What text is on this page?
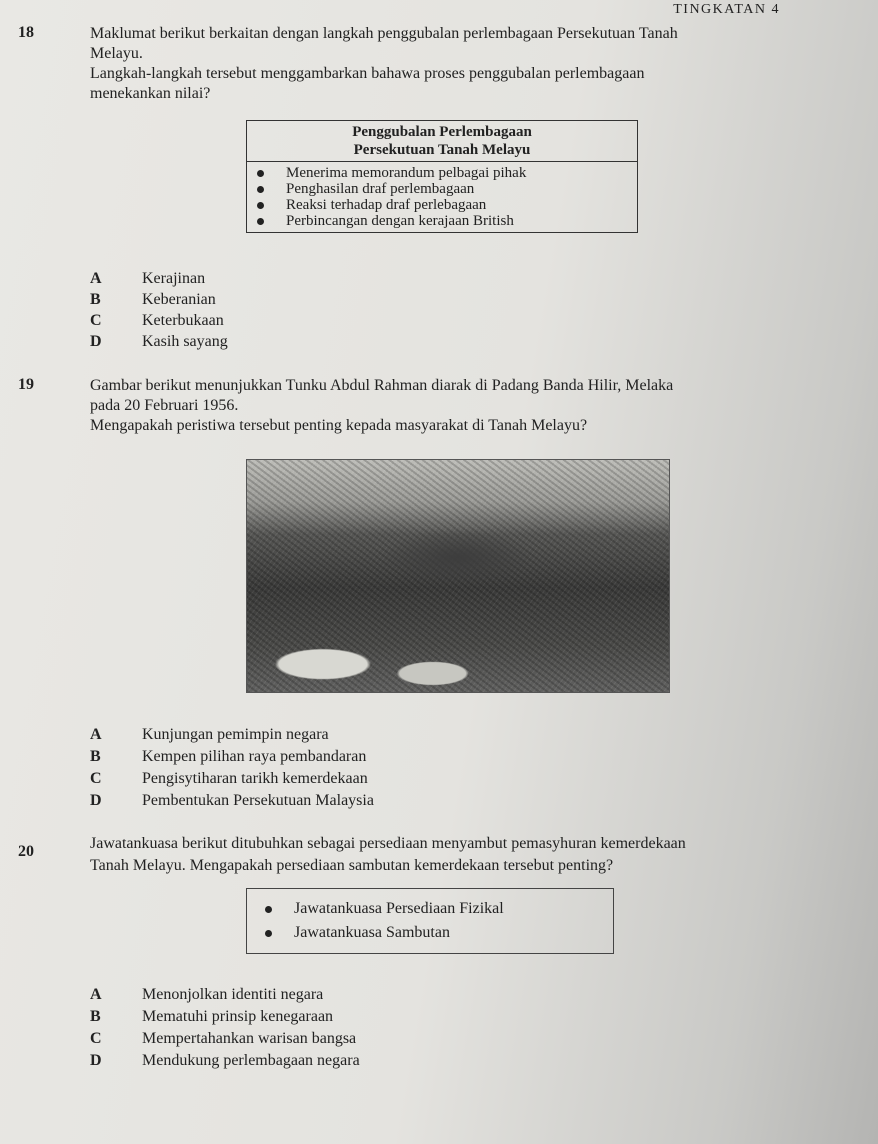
TINGKATAN 4
18	Maklumat berikut berkaitan dengan langkah penggubalan perlembagaan Persekutuan Tanah
Melayu.
Langkah-langkah tersebut menggambarkan bahawa proses penggubalan perlembagaan
menekankan nilai?
Penggubalan Perlembagaan
Persekutuan Tanah Melayu

Menerima memorandum pelbagai pihak
Penghasilan draf perlembagaan
Reaksi terhadap draf perlebagaan
Perbincangan dengan kerajaan British
A	Kerajinan
B	Keberanian
C	Keterbukaan
D	Kasih sayang
19	Gambar berikut menunjukkan Tunku Abdul Rahman diarak di Padang Banda Hilir, Melaka
pada 20 Februari 1956.
Mengapakah peristiwa tersebut penting kepada masyarakat di Tanah Melayu?
A	Kunjungan pemimpin negara
B	Kempen pilihan raya pembandaran
C	Pengisytiharan tarikh kemerdekaan
D	Pembentukan Persekutuan Malaysia
20	Jawatankuasa berikut ditubuhkan sebagai persediaan menyambut pemasyhuran kemerdekaan
Tanah Melayu. Mengapakah persediaan sambutan kemerdekaan tersebut penting?
Jawatankuasa Persediaan Fizikal
Jawatankuasa Sambutan
A	Menonjolkan identiti negara
B	Mematuhi prinsip kenegaraan
C	Mempertahankan warisan bangsa
D	Mendukung perlembagaan negara
